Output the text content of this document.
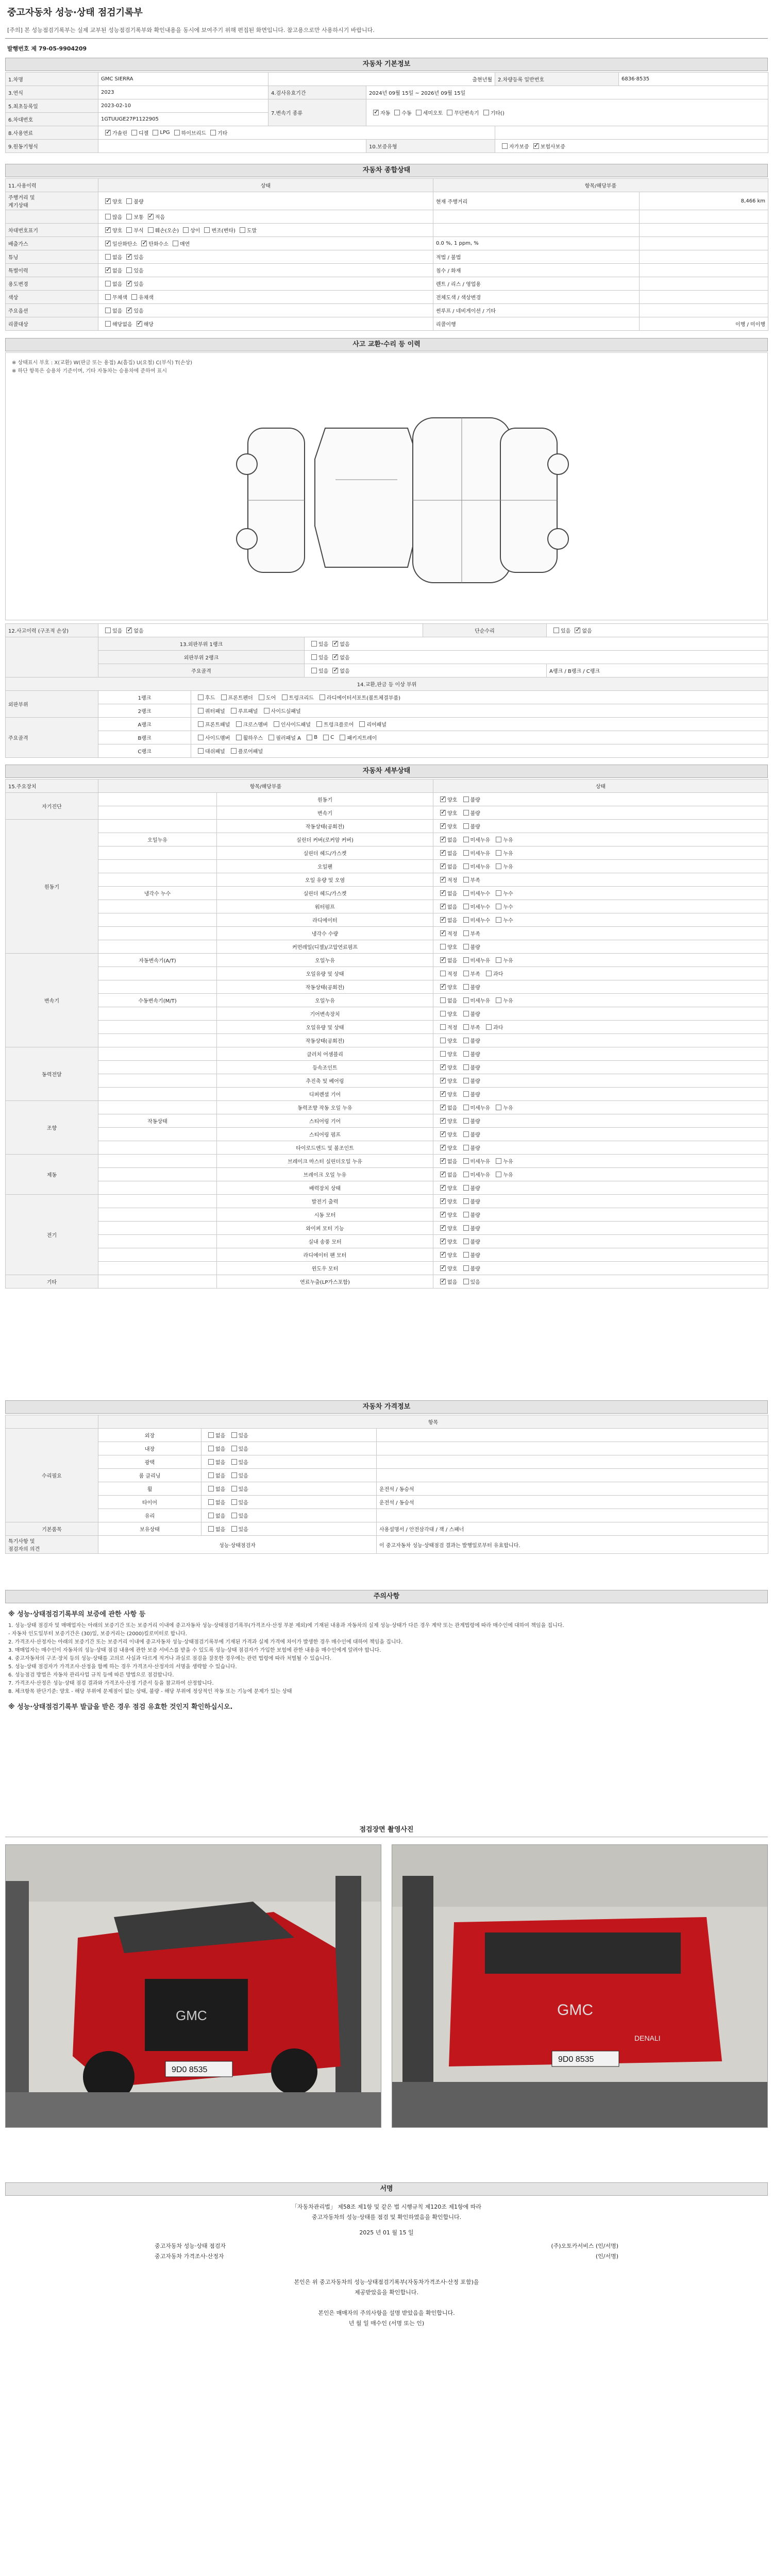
중고자동차 성능·상태 점검기록부
[주의] 본 성능점검기록부는 실제 교부된 성능점검기록부와 확인내용을 동시에 보여주기 위해 편집된 화면입니다. 참고용으로만 사용하시기 바랍니다.
발행번호 제 79-05-9904209
자동차 기본정보
1.차명	GMC SIERRA	출현년월		2.차량등록 일반번호	6836·8535
3.연식	2023	4.검사유효기간	2024년 09월 15일 ~ 2026년 09월 15일		
5.최초등록일	2023-02-10	7.변속기 종류	✓자동 수동 세미오토 무단변속기 기타()
6.차대번호	1GTUUGE27P1122905				
8.사용연료	✓가솔린 디젤 LPG 하이브리드 기타	
9.원동기형식			10.보증유형	자가보증 ✓ 보험사보증
자동차 종합상태
11.사용이력	상태	항목/해당부품	
주행거리 및
계기상태	✓양호 불량	현재 주행거리	8,466 km
	많음 보통 ✓ 적음		
차대번호표기	✓양호 부식 훼손(오손) 상이 변조(변타) 도말		
배출가스	✓일산화탄소 ✓ 탄화수소 매연	0.0 %, 1 ppm, %	
튜닝	없음 ✓ 있음	적법 / 불법	
특별이력	✓없음 있음	침수 / 화재	
용도변경	없음 ✓ 있음	렌트 / 리스 / 영업용	
색상	무채색 유채색	전체도색 / 색상변경	
주요옵션	없음 ✓ 있음	썬루프 / 네비게이션 / 기타	
리콜대상	해당없음 ✓ 해당	리콜이행	이행 / 미이행
사고 교환·수리 등 이력
※ 상태표시 부호 : X(교환) W(판금 또는 용접) A(흠집) U(요철) C(부식) T(손상)
※ 하단 항목은 승용차 기준이며, 기타 자동차는 승용차에 준하여 표시
12.사고이력 (구조적 손상)	있음 ✓ 없음			단순수리	있음 ✓ 없음
	13.외판부위 1랭크		있음 ✓ 없음
	외판부위 2랭크		있음 ✓ 없음
	주요골격		있음 ✓ 없음		A랭크 / B랭크 / C랭크
14.교환,판금 등 이상 부위					
외판부위	1랭크	후드 프론트펜더 도어 트렁크리드 라디에이터서포트(볼트체결부품)			
	2랭크	쿼터패널 루프패널 사이드실패널			
주요골격	A랭크	프론트패널 크로스멤버 인사이드패널 트렁크플로어 리어패널			
	B랭크	사이드멤버 휠하우스 필러패널 A B C 패키지트레이			
	C랭크	대쉬패널 플로어패널			
자동차 세부상태
15.주요장치	항목/해당부품		상태
자기진단		원동기	✓양호 불량
		변속기	✓양호 불량
원동기		작동상태(공회전)	✓양호 불량
	오일누유	실린더 커버(로커암 커버)	✓없음 미세누유 누유
		실린더 헤드/가스켓	✓없음 미세누유 누유
		오일팬	✓없음 미세누유 누유
		오일 유량 및 오염	✓적정 부족
	냉각수 누수	실린더 헤드/가스켓	✓없음 미세누수 누수
		워터펌프	✓없음 미세누수 누수
		라디에이터	✓없음 미세누수 누수
		냉각수 수량	✓적정 부족
		커먼레일(디젤)/고압연료펌프	양호 불량
변속기	자동변속기(A/T)	오일누유	✓없음 미세누유 누유
		오일유량 및 상태	적정 부족 과다
		작동상태(공회전)	✓양호 불량
	수동변속기(M/T)	오일누유	없음 미세누유 누유
		기어변속장치	양호 불량
		오일유량 및 상태	적정 부족 과다
		작동상태(공회전)	양호 불량
동력전달		클러치 어셈블리	양호 불량
		등속조인트	✓양호 불량
		추진축 및 베어링	✓양호 불량
		디퍼렌셜 기어	✓양호 불량
조향		동력조향 작동 오일 누유	✓없음 미세누유 누유
	작동상태	스티어링 기어	✓양호 불량
		스티어링 펌프	✓양호 불량
		타이로드엔드 및 볼조인트	✓양호 불량
제동		브레이크 마스터 실린더오일 누유	✓없음 미세누유 누유
		브레이크 오일 누유	✓없음 미세누유 누유
		배력장치 상태	✓양호 불량
전기		발전기 출력	✓양호 불량
		시동 모터	✓양호 불량
		와이퍼 모터 기능	✓양호 불량
		실내 송풍 모터	✓양호 불량
		라디에이터 팬 모터	✓양호 불량
		윈도우 모터	✓양호 불량
기타		연료누출(LP가스포함)	✓없음 있음
자동차 가격정보
	항목		
수리필요	외장	없음 있음	
	내장	없음 있음	
	광택	없음 있음	
	룸 클리닝	없음 있음	
	휠	없음 있음	운전석 / 동승석
	타이어	없음 있음	운전석 / 동승석
	유리	없음 있음	
기본품목	보유상태	없음 있음	사용설명서 / 안전삼각대 / 잭 / 스패너
특기사항 및
점검자의 의견	성능·상태점검자		이 중고자동차 성능·상태점검 결과는 발행일로부터 유효합니다.
주의사항
※ 성능·상태점검기록부의 보증에 관한 사항 등
1. 성능·상태 점검자 및 매매업자는 아래의 보증기간 또는 보증거리 이내에 중고자동차 성능·상태점검기록부(가격조사·산정 부분 제외)에 기재된 내용과 자동차의 실제 성능·상태가 다른 경우 계약 또는 관계법령에 따라 매수인에 대하여 책임을 집니다.
- 자동차 인도일부터 보증기간은 (30)일, 보증거리는 (2000)킬로미터로 합니다.
2. 가격조사·산정자는 아래의 보증기간 또는 보증거리 이내에 중고자동차 성능·상태점검기록부에 기재된 가격과 실제 가격에 차이가 발생한 경우 매수인에 대하여 책임을 집니다.
3. 매매업자는 매수인이 자동차의 성능·상태 점검 내용에 관한 보증 서비스를 받을 수 있도록 성능·상태 점검자가 가입한 보험에 관한 내용을 매수인에게 알려야 합니다.
4. 중고자동차의 구조·장치 등의 성능·상태를 고의로 사실과 다르게 적거나 과실로 점검을 잘못한 경우에는 관련 법령에 따라 처벌될 수 있습니다.
5. 성능·상태 점검자가 가격조사·산정을 함께 하는 경우 가격조사·산정자의 서명을 생략할 수 있습니다.
6. 성능점검 방법은 자동차 관리사업 규칙 등에 따른 방법으로 점검합니다.
7. 가격조사·산정은 성능·상태 점검 결과와 가격조사·산정 기준서 등을 참고하여 산정합니다.
8. 체크항목 판단기준: 양호 - 해당 부위에 문제점이 없는 상태, 불량 - 해당 부위에 정상적인 작동 또는 기능에 문제가 있는 상태
※ 성능·상태점검기록부 발급을 받은 경우 점검 유효한 것인지 확인하십시오.
점검장면 촬영사진
GMC
9D0 8535
GMC
DENALI
9D0 8535
서명
「자동차관리법」 제58조 제1항 및 같은 법 시행규칙 제120조 제1항에 따라
중고자동차의 성능·상태를 점검 및 확인하였음을 확인합니다.
2025 년 01 월 15 일
중고자동차 성능·상태 점검자	(주)오토카서비스 (인/서명)
중고자동차 가격조사·산정자	(인/서명)
본인은 위 중고자동차의 성능·상태점검기록부(자동차가격조사·산정 포함)을
제공받았음을 확인합니다.
본인은 매매자의 주의사항을 설명 받았음을 확인합니다.
년 월 일 매수인 (서명 또는 인)
